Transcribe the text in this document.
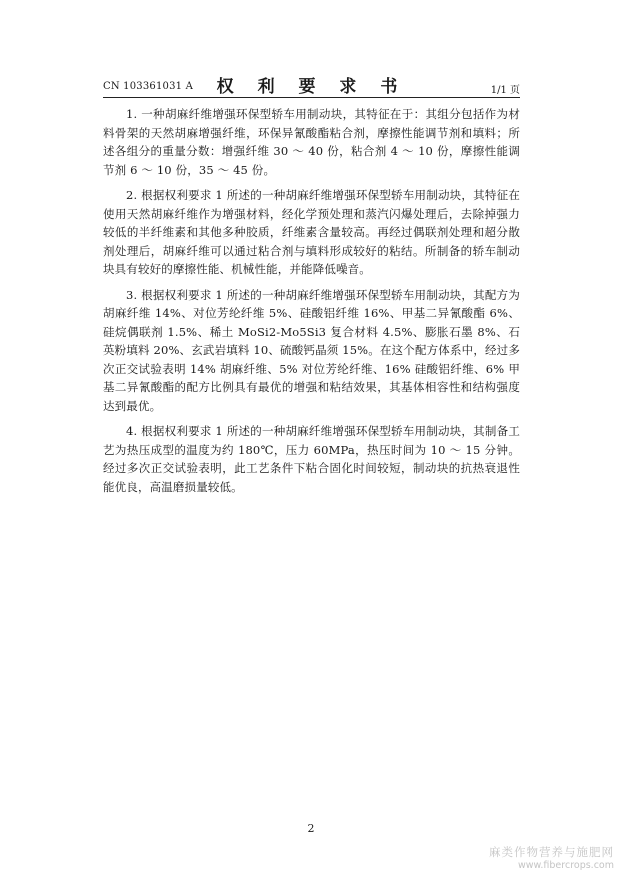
CN 103361031 A	权 利 要 求 书	1/1 页

1. 一种胡麻纤维增强环保型轿车用制动块，其特征在于：其组分包括作为材料骨架的天然胡麻增强纤维，环保异氰酸酯粘合剂，摩擦性能调节剂和填料；所述各组分的重量分数：增强纤维 30 ～ 40 份，粘合剂 4 ～ 10 份，摩擦性能调节剂 6 ～ 10 份，35 ～ 45 份。

2. 根据权利要求 1 所述的一种胡麻纤维增强环保型轿车用制动块，其特征在使用天然胡麻纤维作为增强材料，经化学预处理和蒸汽闪爆处理后，去除掉强力较低的半纤维素和其他多种胶质，纤维素含量较高。再经过偶联剂处理和超分散剂处理后，胡麻纤维可以通过粘合剂与填料形成较好的粘结。所制备的轿车制动块具有较好的摩擦性能、机械性能，并能降低噪音。

3. 根据权利要求 1 所述的一种胡麻纤维增强环保型轿车用制动块，其配方为胡麻纤维 14%、对位芳纶纤维 5%、硅酸铝纤维 16%、甲基二异氰酸酯 6%、硅烷偶联剂 1.5%、稀土 MoSi2-Mo5Si3 复合材料 4.5%、膨胀石墨 8%、石英粉填料 20%、玄武岩填料 10、硫酸钙晶须 15%。在这个配方体系中，经过多次正交试验表明 14% 胡麻纤维、5% 对位芳纶纤维、16% 硅酸铝纤维、6% 甲基二异氰酸酯的配方比例具有最优的增强和粘结效果，其基体相容性和结构强度达到最优。

4. 根据权利要求 1 所述的一种胡麻纤维增强环保型轿车用制动块，其制备工艺为热压成型的温度为约 180℃，压力 60MPa，热压时间为 10 ～ 15 分钟。经过多次正交试验表明，此工艺条件下粘合固化时间较短，制动块的抗热衰退性能优良，高温磨损量较低。

2
麻类作物营养与施肥网
www.fibercrops.com
